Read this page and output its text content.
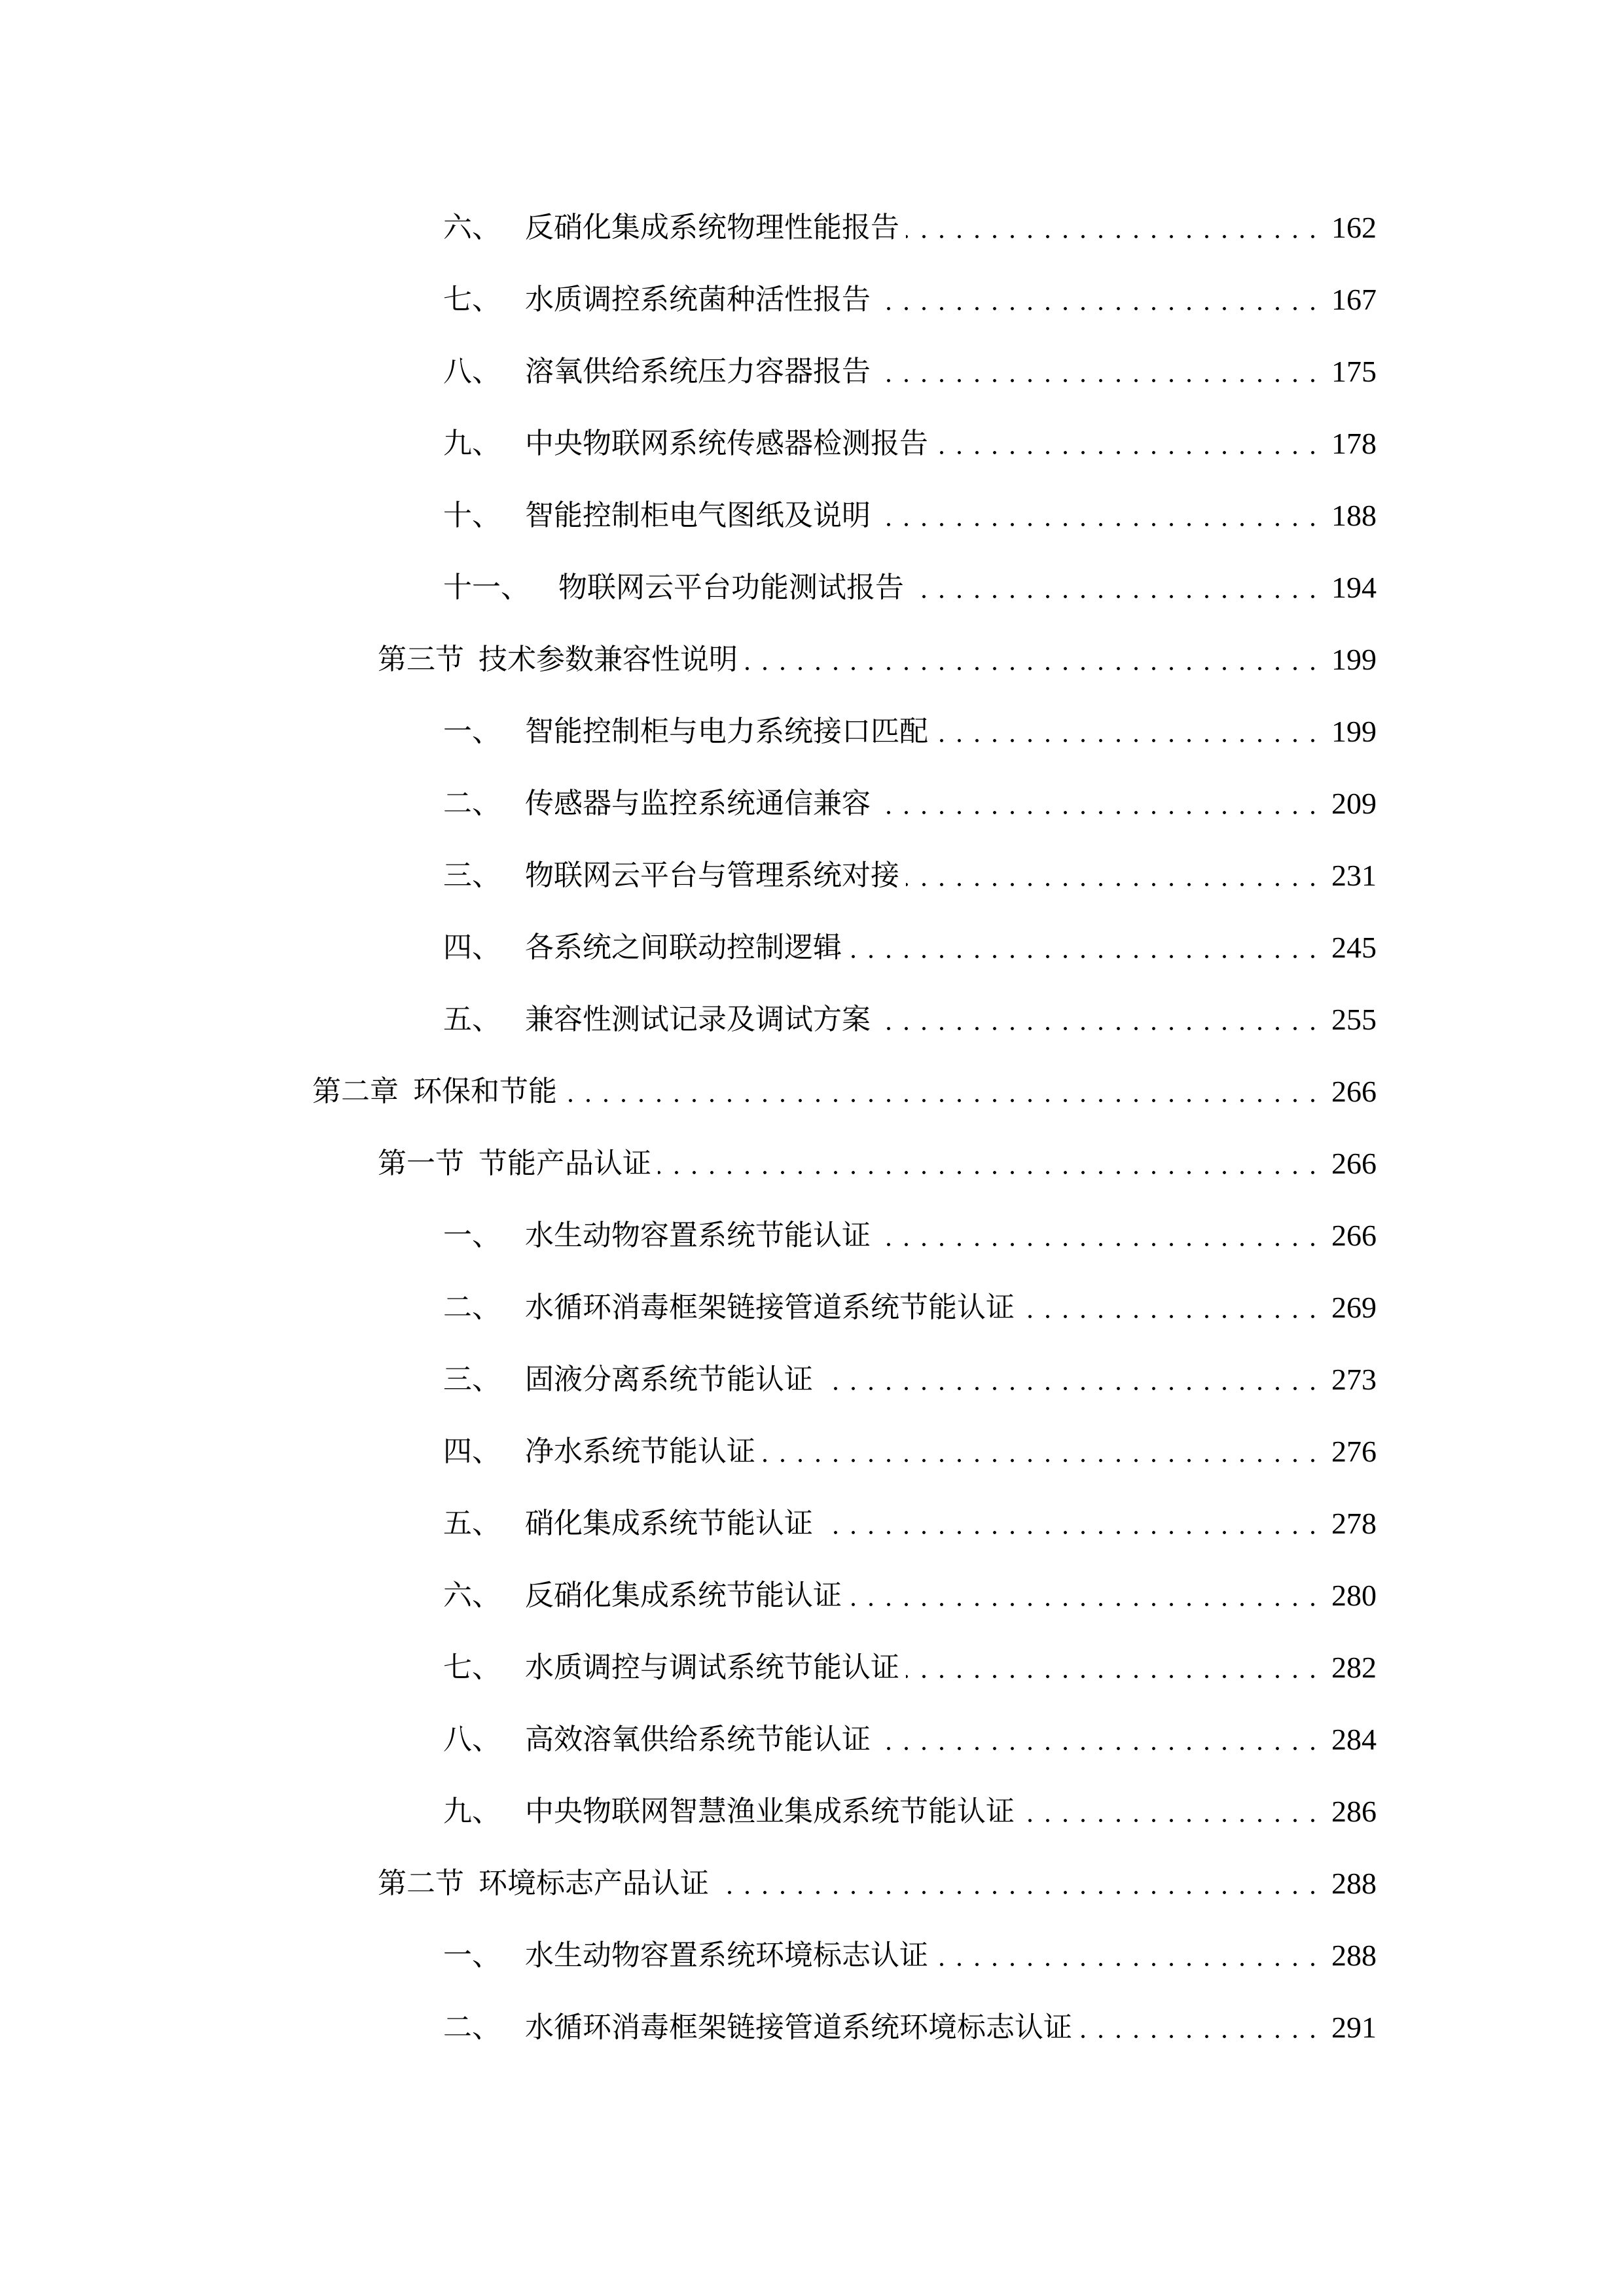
六、 反硝化集成系统物理性能报告	162
七、 水质调控系统菌种活性报告	167
八、 溶氧供给系统压力容器报告	175
九、 中央物联网系统传感器检测报告	178
十、 智能控制柜电气图纸及说明	188
十一、	物联网云平台功能测试报告	194
第三节 技术参数兼容性说明	199
一、 智能控制柜与电力系统接口匹配	199
二、 传感器与监控系统通信兼容	209
三、 物联网云平台与管理系统对接	231
四、 各系统之间联动控制逻辑	245
五、 兼容性测试记录及调试方案	255
第二章 环保和节能	266
第一节 节能产品认证	266
一、 水生动物容置系统节能认证	266
二、 水循环消毒框架链接管道系统节能认证	269
三、 固液分离系统节能认证	273
四、 净水系统节能认证	276
五、 硝化集成系统节能认证	278
六、 反硝化集成系统节能认证	280
七、 水质调控与调试系统节能认证	282
八、 高效溶氧供给系统节能认证	284
九、 中央物联网智慧渔业集成系统节能认证	286
第二节 环境标志产品认证	288
一、 水生动物容置系统环境标志认证	288
二、 水循环消毒框架链接管道系统环境标志认证	291
